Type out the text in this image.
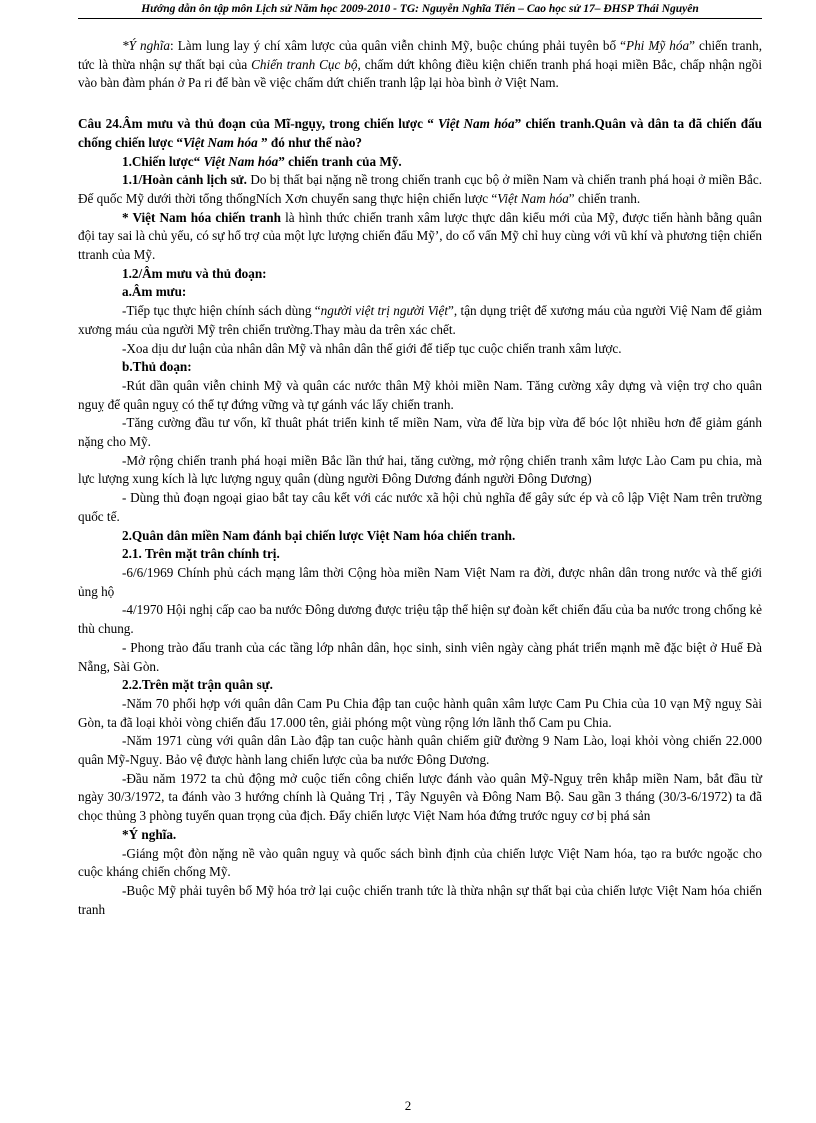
Hướng dẫn ôn tập môn Lịch sử Năm học 2009-2010 - TG: Nguyễn Nghĩa Tiến – Cao học sử 17– ĐHSP Thái Nguyên

*Ý nghĩa: Làm lung lay ý chí xâm lược của quân viễn chinh Mỹ, buộc chúng phải tuyên bố “Phi Mỹ hóa” chiến tranh, tức là thừa nhận sự thất bại của Chiến tranh Cục bộ, chấm dứt không điều kiện chiến tranh phá hoại miền Bắc, chấp nhận ngồi vào bàn đàm phán ở Pa ri để bàn về việc chấm dứt chiến tranh lập lại hòa bình ở Việt Nam.

Câu 24.Âm mưu và thủ đoạn của Mĩ-ngụy, trong chiến lược “ Việt Nam hóa” chiến tranh.Quân và dân ta đã chiến đấu chống chiến lược “Việt Nam hóa ” đó như thế nào?

1.Chiến lược“ Việt Nam hóa” chiến tranh của Mỹ.

1.1/Hoàn cảnh lịch sử. Do bị thất bại nặng nề trong chiến tranh cục bộ ở miền Nam và chiến tranh phá hoại ở miền Bắc. Đế quốc Mỹ dưới thời tổng thốngNích Xơn chuyển sang thực hiện chiến lược “Việt Nam hóa” chiến tranh.

* Việt Nam hóa chiến tranh là hình thức chiến tranh xâm lược thực dân kiểu mới của Mỹ, được tiến hành bằng quân đội tay sai là chủ yếu, có sự hổ trợ của một lực lượng chiến đấu Mỹ’, do cố vấn Mỹ chỉ huy cùng với vũ khí và phương tiện chiến ttranh của Mỹ.

1.2/Âm mưu và thủ đoạn:

a.Âm mưu:

-Tiếp tục thực hiện chính sách dùng “người việt trị người Việt”, tận dụng triệt để xương máu của người Việ Nam để giảm xương máu của người Mỹ trên chiến trường.Thay màu da trên xác chết.

-Xoa dịu dư luận của nhân dân Mỹ và nhân dân thế giới để tiếp tục cuộc chiến tranh xâm lược.

b.Thủ đoạn:

-Rút dần quân viễn chinh Mỹ và quân các nước thân Mỹ khỏi miền Nam. Tăng cường xây dựng và viện trợ cho quân nguỵ để quân nguỵ có thể tự đứng vững và tự gánh vác lấy chiến tranh.

-Tăng cường đầu tư vốn, kĩ thuât phát triển kinh tế miền Nam, vừa để lừa bịp vừa để bóc lột nhiều hơn để giảm gánh nặng cho Mỹ.

-Mở rộng chiến tranh phá hoại miền Bắc lần thứ hai, tăng cường, mở rộng chiến tranh xâm lược Lào Cam pu chia, mà lực lượng xung kích là lực lượng nguỵ quân (dùng người Đông Dương đánh người Đông Dương)

- Dùng thủ đoạn ngoại giao bắt tay câu kết với các nước xã hội chủ nghĩa để gây sức ép và cô lập Việt Nam trên trường quốc tế.

2.Quân dân miền Nam đánh bại chiến lược Việt Nam hóa chiến tranh.

2.1. Trên mặt trân chính trị.

-6/6/1969 Chính phủ cách mạng lâm thời Cộng hòa miền Nam Việt Nam ra đời, được nhân dân trong nước và thế giới ủng hộ

-4/1970 Hội nghị cấp cao ba nước Đông dương được triệu tập thể hiện sự đoàn kết chiến đấu của ba nước trong chống kẻ thù chung.

- Phong trào đấu tranh của các tầng lớp nhân dân, học sinh, sinh viên ngày càng phát triển mạnh mẽ đặc biệt ở Huế Đà Nẵng, Sài Gòn.

2.2.Trên mặt trận quân sự.

-Năm 70 phối hợp với quân dân Cam Pu Chia đập tan cuộc hành quân xâm lược Cam Pu Chia của 10 vạn Mỹ nguỵ Sài Gòn, ta đã loại khỏi vòng chiến đấu 17.000 tên, giải phóng một vùng rộng lớn lãnh thổ Cam pu Chia.

-Năm 1971 cùng với quân dân Lào đập tan cuộc hành quân chiếm giữ đường 9 Nam Lào, loại khỏi vòng chiến 22.000 quân Mỹ-Nguỵ. Bảo vệ được hành lang chiến lược của ba nước Đông Dương.

-Đầu năm 1972 ta chủ động mở cuộc tiến công chiến lược đánh vào quân Mỹ-Nguỵ trên khắp miền Nam, bắt đầu từ ngày 30/3/1972, ta đánh vào 3 hướng chính là Quảng Trị , Tây Nguyên và Đông Nam Bộ. Sau gần 3 tháng (30/3-6/1972) ta đã chọc thủng 3 phòng tuyến quan trọng của địch. Đẩy chiến lược Việt Nam hóa đứng trước nguy cơ bị phá sản

*Ý nghĩa.

-Giáng một đòn nặng nề vào quân nguỵ và quốc sách bình định của chiến lược Việt Nam hóa, tạo ra bước ngoặc cho cuộc kháng chiến chống Mỹ.

-Buộc Mỹ phải tuyên bố Mỹ hóa trở lại cuộc chiến tranh tức là thừa nhận sự thất bại của chiến lược Việt Nam hóa chiến tranh

2
